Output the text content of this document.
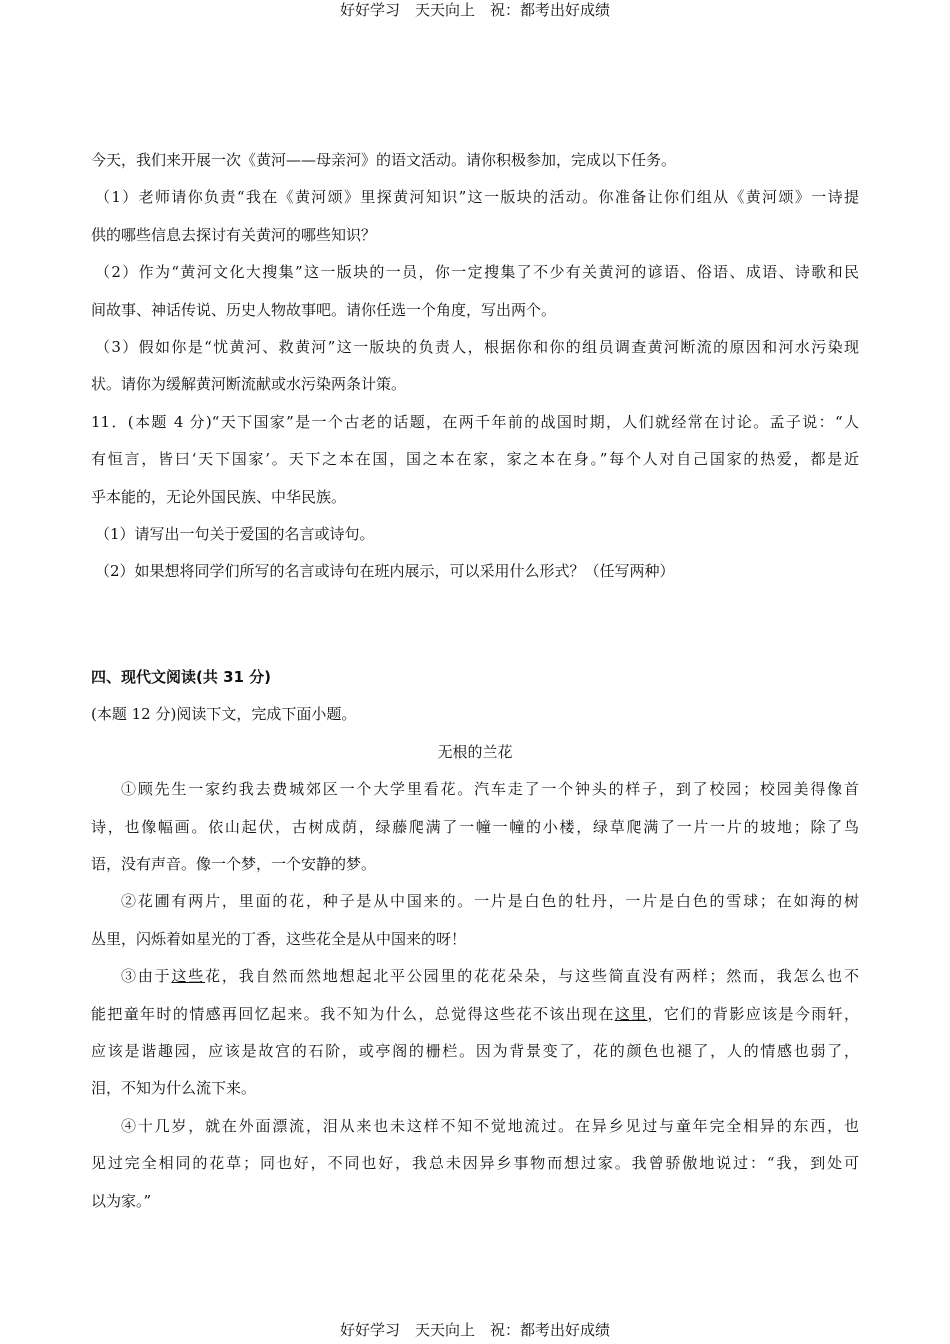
好好学习　天天向上　祝：都考出好成绩
今天，我们来开展一次《黄河——母亲河》的语文活动。请你积极参加，完成以下任务。
（1）老师请你负责“我在《黄河颂》里探黄河知识”这一版块的活动。你准备让你们组从《黄河颂》一诗提
供的哪些信息去探讨有关黄河的哪些知识？
（2）作为“黄河文化大搜集”这一版块的一员，你一定搜集了不少有关黄河的谚语、俗语、成语、诗歌和民
间故事、神话传说、历史人物故事吧。请你任选一个角度，写出两个。
（3）假如你是“忧黄河、救黄河”这一版块的负责人，根据你和你的组员调查黄河断流的原因和河水污染现
状。请你为缓解黄河断流献或水污染两条计策。
11．(本题 4 分)“天下国家”是一个古老的话题，在两千年前的战国时期，人们就经常在讨论。孟子说：“人
有恒言，皆曰‘天下国家’。天下之本在国，国之本在家，家之本在身。”每个人对自己国家的热爱，都是近
乎本能的，无论外国民族、中华民族。
（1）请写出一句关于爱国的名言或诗句。
（2）如果想将同学们所写的名言或诗句在班内展示，可以采用什么形式？（任写两种）
四、现代文阅读(共 31 分)
(本题 12 分)阅读下文，完成下面小题。
无根的兰花
①顾先生一家约我去费城郊区一个大学里看花。汽车走了一个钟头的样子，到了校园；校园美得像首
诗，也像幅画。依山起伏，古树成荫，绿藤爬满了一幢一幢的小楼，绿草爬满了一片一片的坡地；除了鸟
语，没有声音。像一个梦，一个安静的梦。
②花圃有两片，里面的花，种子是从中国来的。一片是白色的牡丹，一片是白色的雪球；在如海的树
丛里，闪烁着如星光的丁香，这些花全是从中国来的呀！
③由于这些花，我自然而然地想起北平公园里的花花朵朵，与这些简直没有两样；然而，我怎么也不
能把童年时的情感再回忆起来。我不知为什么，总觉得这些花不该出现在这里，它们的背影应该是今雨轩，
应该是谐趣园，应该是故宫的石阶，或亭阁的栅栏。因为背景变了，花的颜色也褪了，人的情感也弱了，
泪，不知为什么流下来。
④十几岁，就在外面漂流，泪从来也未这样不知不觉地流过。在异乡见过与童年完全相异的东西，也
见过完全相同的花草；同也好，不同也好，我总未因异乡事物而想过家。我曾骄傲地说过：“我，到处可
以为家。”
好好学习　天天向上　祝：都考出好成绩
